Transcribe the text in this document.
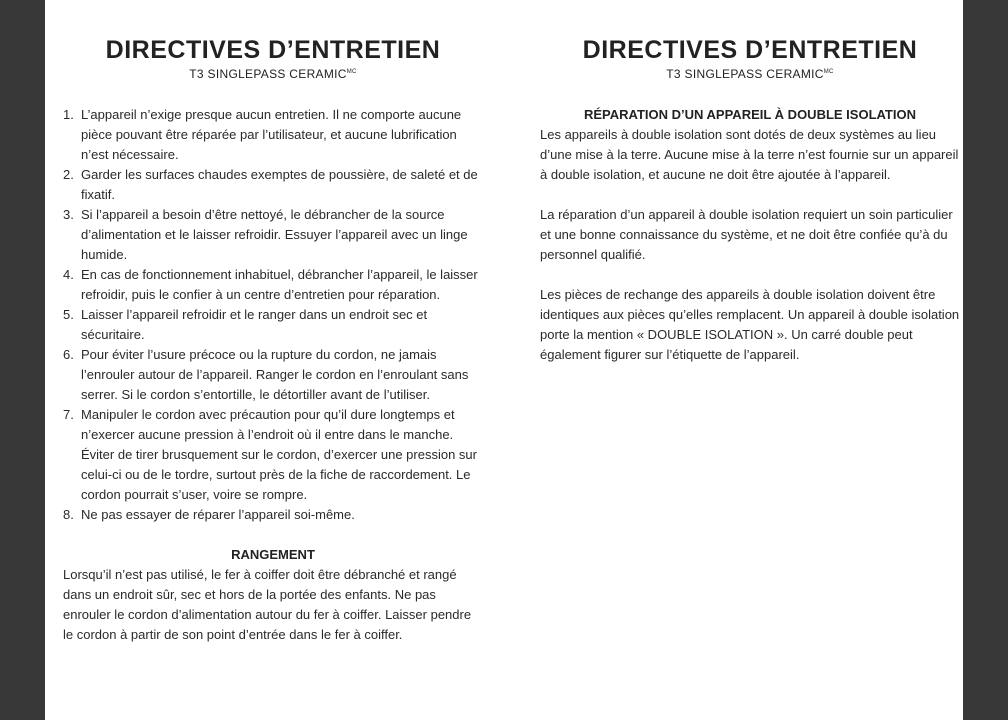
DIRECTIVES D’ENTRETIEN
T3 SINGLEPASS $CERAMIC^{MC}$
1. L’appareil n’exige presque aucun entretien. Il ne comporte aucune pièce pouvant être réparée par l’utilisateur, et aucune lubrification n’est nécessaire.
2. Garder les surfaces chaudes exemptes de poussière, de saleté et de fixatif.
3. Si l’appareil a besoin d’être nettoyé, le débrancher de la source d’alimentation et le laisser refroidir. Essuyer l’appareil avec un linge humide.
4. En cas de fonctionnement inhabituel, débrancher l’appareil, le laisser refroidir, puis le confier à un centre d’entretien pour réparation.
5. Laisser l’appareil refroidir et le ranger dans un endroit sec et sécuritaire.
6. Pour éviter l’usure précoce ou la rupture du cordon, ne jamais l’enrouler autour de l’appareil. Ranger le cordon en l’enroulant sans serrer. Si le cordon s’entortille, le détortiller avant de l’utiliser.
7. Manipuler le cordon avec précaution pour qu’il dure longtemps et n’exercer aucune pression à l’endroit où il entre dans le manche. Éviter de tirer brusquement sur le cordon, d’exercer une pression sur celui-ci ou de le tordre, surtout près de la fiche de raccordement. Le cordon pourrait s’user, voire se rompre.
8. Ne pas essayer de réparer l’appareil soi-même.
RANGEMENT

Lorsqu’il n’est pas utilisé, le fer à coiffer doit être débranché et rangé dans un endroit sûr, sec et hors de la portée des enfants. Ne pas enrouler le cordon d’alimentation autour du fer à coiffer. Laisser pendre le cordon à partir de son point d’entrée dans le fer à coiffer.

DIRECTIVES D’ENTRETIEN
T3 SINGLEPASS $CERAMIC^{MC}$
RÉPARATION D’UN APPAREIL À DOUBLE ISOLATION

Les appareils à double isolation sont dotés de deux systèmes au lieu d’une mise à la terre. Aucune mise à la terre n’est fournie sur un appareil à double isolation, et aucune ne doit être ajoutée à l’appareil.

La réparation d’un appareil à double isolation requiert un soin particulier et une bonne connaissance du système, et ne doit être confiée qu’à du personnel qualifié.

Les pièces de rechange des appareils à double isolation doivent être identiques aux pièces qu’elles remplacent. Un appareil à double isolation porte la mention « DOUBLE ISOLATION ». Un carré double peut également figurer sur l’étiquette de l’appareil.
